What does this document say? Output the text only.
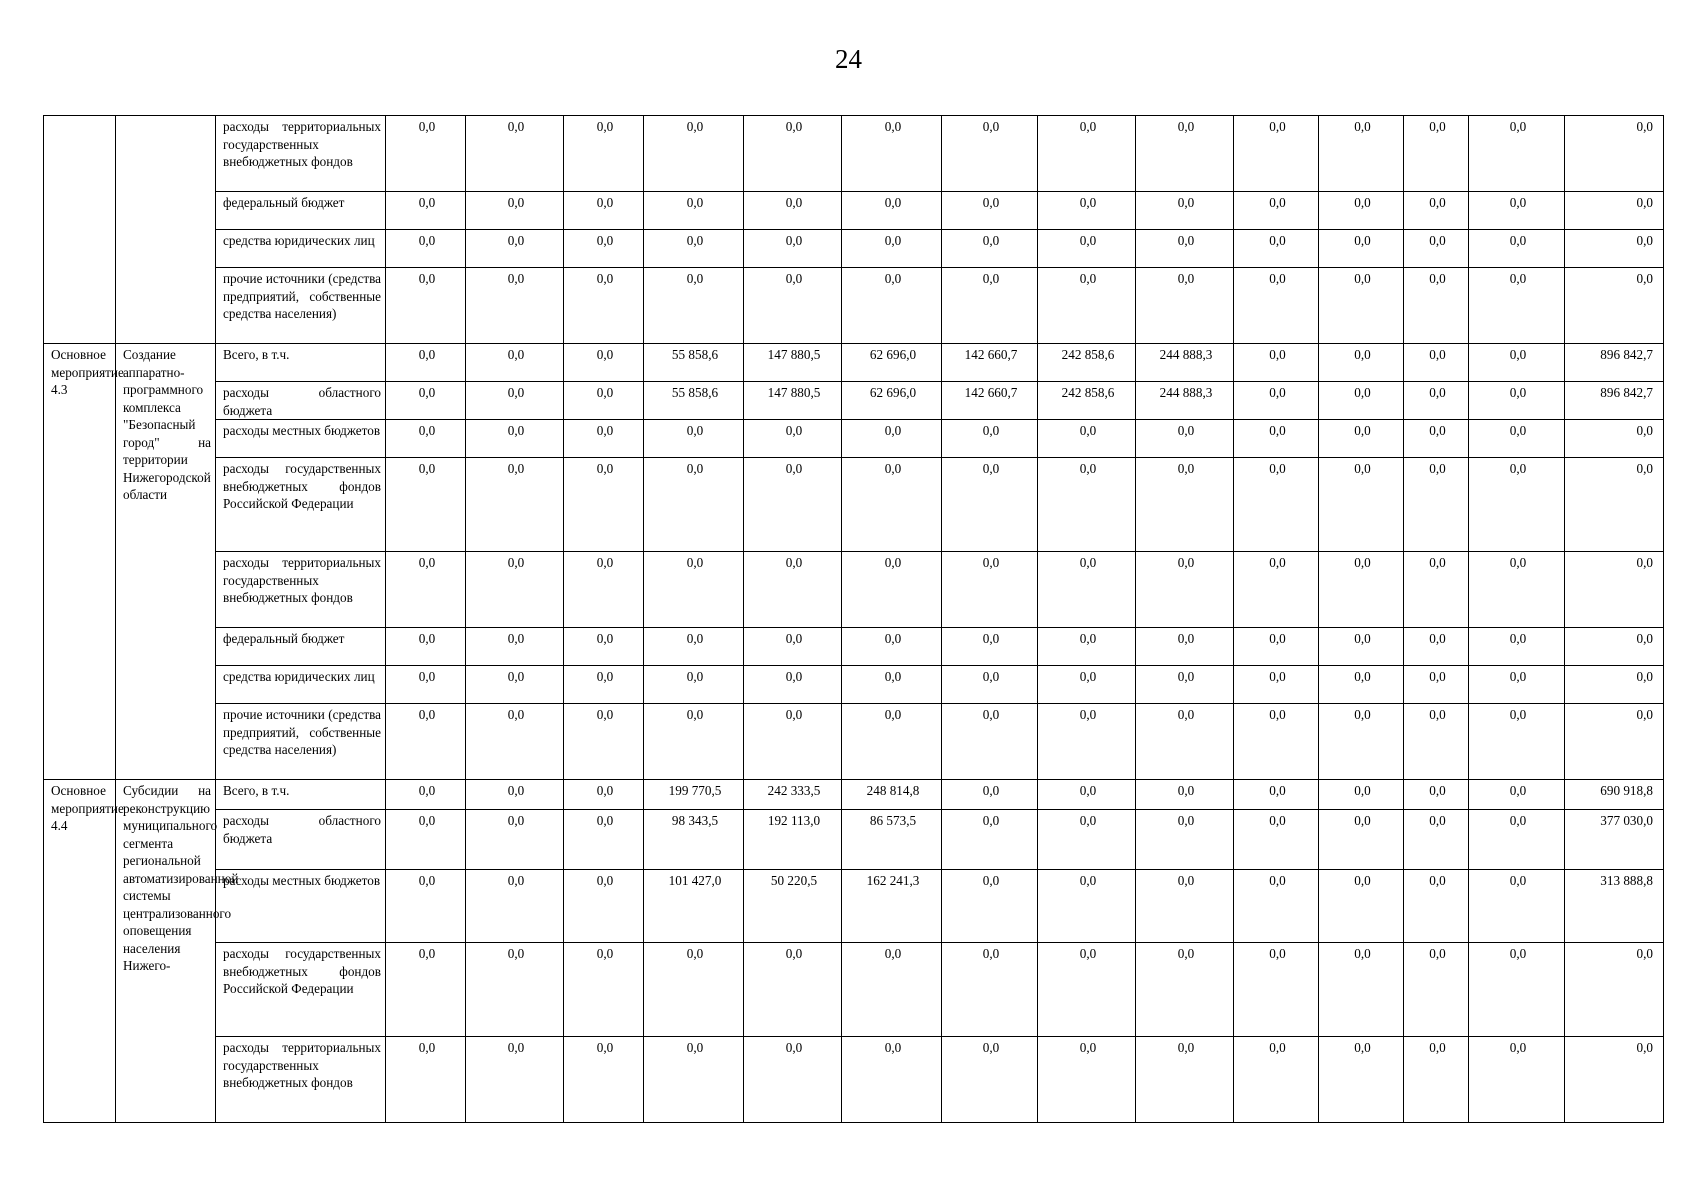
24
		расходы территориальных государственных внебюджетных фондов	0,0	0,0	0,0	0,0	0,0	0,0	0,0	0,0	0,0	0,0	0,0	0,0	0,0	0,0
		федеральный бюджет	0,0	0,0	0,0	0,0	0,0	0,0	0,0	0,0	0,0	0,0	0,0	0,0	0,0	0,0
		средства юридических лиц	0,0	0,0	0,0	0,0	0,0	0,0	0,0	0,0	0,0	0,0	0,0	0,0	0,0	0,0
		прочие источники (средства предприятий, собственные средства населения)	0,0	0,0	0,0	0,0	0,0	0,0	0,0	0,0	0,0	0,0	0,0	0,0	0,0	0,0
Основное мероприятие 4.3	Создание аппаратно-программного комплекса "Безопасный город" на территории Нижегородской области	Всего, в т.ч.	0,0	0,0	0,0	55 858,6	147 880,5	62 696,0	142 660,7	242 858,6	244 888,3	0,0	0,0	0,0	0,0	896 842,7
		расходы областного бюджета	0,0	0,0	0,0	55 858,6	147 880,5	62 696,0	142 660,7	242 858,6	244 888,3	0,0	0,0	0,0	0,0	896 842,7
		расходы местных бюджетов	0,0	0,0	0,0	0,0	0,0	0,0	0,0	0,0	0,0	0,0	0,0	0,0	0,0	0,0
		расходы государственных внебюджетных фондов Российской Федерации	0,0	0,0	0,0	0,0	0,0	0,0	0,0	0,0	0,0	0,0	0,0	0,0	0,0	0,0
		расходы территориальных государственных внебюджетных фондов	0,0	0,0	0,0	0,0	0,0	0,0	0,0	0,0	0,0	0,0	0,0	0,0	0,0	0,0
		федеральный бюджет	0,0	0,0	0,0	0,0	0,0	0,0	0,0	0,0	0,0	0,0	0,0	0,0	0,0	0,0
		средства юридических лиц	0,0	0,0	0,0	0,0	0,0	0,0	0,0	0,0	0,0	0,0	0,0	0,0	0,0	0,0
		прочие источники (средства предприятий, собственные средства населения)	0,0	0,0	0,0	0,0	0,0	0,0	0,0	0,0	0,0	0,0	0,0	0,0	0,0	0,0
Основное мероприятие 4.4	Субсидии на реконструкцию муниципального сегмента региональной автоматизированной системы централизованного оповещения населения Нижего-	Всего, в т.ч.	0,0	0,0	0,0	199 770,5	242 333,5	248 814,8	0,0	0,0	0,0	0,0	0,0	0,0	0,0	690 918,8
		расходы областного бюджета	0,0	0,0	0,0	98 343,5	192 113,0	86 573,5	0,0	0,0	0,0	0,0	0,0	0,0	0,0	377 030,0
		расходы местных бюджетов	0,0	0,0	0,0	101 427,0	50 220,5	162 241,3	0,0	0,0	0,0	0,0	0,0	0,0	0,0	313 888,8
		расходы государственных внебюджетных фондов Российской Федерации	0,0	0,0	0,0	0,0	0,0	0,0	0,0	0,0	0,0	0,0	0,0	0,0	0,0	0,0
		расходы территориальных государственных внебюджетных фондов	0,0	0,0	0,0	0,0	0,0	0,0	0,0	0,0	0,0	0,0	0,0	0,0	0,0	0,0
